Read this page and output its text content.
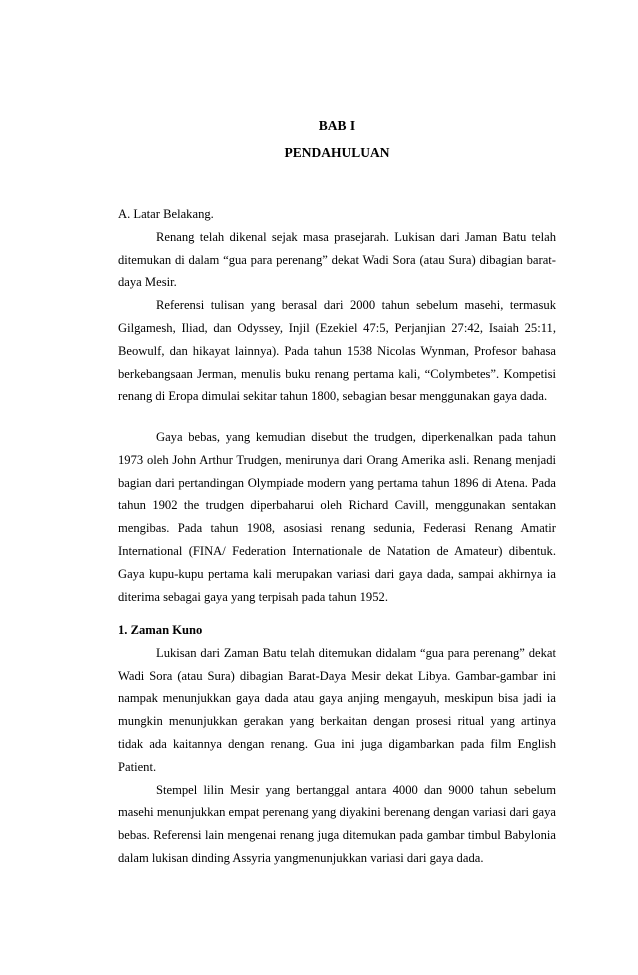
BAB I
PENDAHULUAN

A. Latar Belakang.

Renang telah dikenal sejak masa prasejarah. Lukisan dari Jaman Batu telah ditemukan di dalam “gua para perenang” dekat Wadi Sora (atau Sura) dibagian barat-daya Mesir.

Referensi tulisan yang berasal dari 2000 tahun sebelum masehi, termasuk Gilgamesh, Iliad, dan Odyssey, Injil (Ezekiel 47:5, Perjanjian 27:42, Isaiah 25:11, Beowulf, dan hikayat lainnya). Pada tahun 1538 Nicolas Wynman, Profesor bahasa berkebangsaan Jerman, menulis buku renang pertama kali, “Colymbetes”. Kompetisi renang di Eropa dimulai sekitar tahun 1800, sebagian besar menggunakan gaya dada.

Gaya bebas, yang kemudian disebut the trudgen, diperkenalkan pada tahun 1973 oleh John Arthur Trudgen, menirunya dari Orang Amerika asli. Renang menjadi bagian dari pertandingan Olympiade modern yang pertama tahun 1896 di Atena. Pada tahun 1902 the trudgen diperbaharui oleh Richard Cavill, menggunakan sentakan mengibas. Pada tahun 1908, asosiasi renang sedunia, Federasi Renang Amatir International (FINA/ Federation Internationale de Natation de Amateur) dibentuk. Gaya kupu-kupu pertama kali merupakan variasi dari gaya dada, sampai akhirnya ia diterima sebagai gaya yang terpisah pada tahun 1952.

1. Zaman Kuno

Lukisan dari Zaman Batu telah ditemukan didalam “gua para perenang” dekat Wadi Sora (atau Sura) dibagian Barat-Daya Mesir dekat Libya. Gambar-gambar ini nampak menunjukkan gaya dada atau gaya anjing mengayuh, meskipun bisa jadi ia mungkin menunjukkan gerakan yang berkaitan dengan prosesi ritual yang artinya tidak ada kaitannya dengan renang. Gua ini juga digambarkan pada film English Patient.

Stempel lilin Mesir yang bertanggal antara 4000 dan 9000 tahun sebelum masehi menunjukkan empat perenang yang diyakini berenang dengan variasi dari gaya bebas. Referensi lain mengenai renang juga ditemukan pada gambar timbul Babylonia dalam lukisan dinding Assyria yangmenunjukkan variasi dari gaya dada.
